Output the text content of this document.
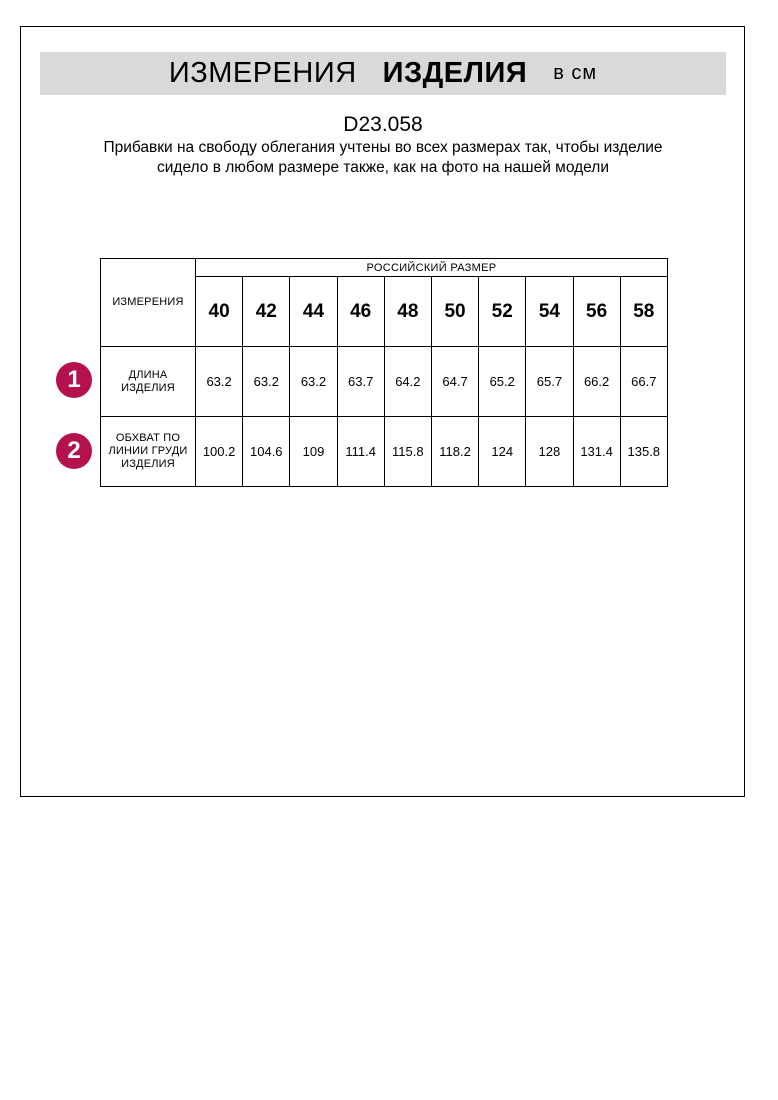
ИЗМЕРЕНИЯ ИЗДЕЛИЯ в см
D23.058
Прибавки на свободу облегания учтены во всех размерах так, чтобы изделие сидело в любом размере также, как на фото на нашей модели
ИЗМЕРЕНИЯ	РОССИЙСКИЙ РАЗМЕР									
	40	42	44	46	48	50	52	54	56	58
ДЛИНА ИЗДЕЛИЯ	63.2	63.2	63.2	63.7	64.2	64.7	65.2	65.7	66.2	66.7
ОБХВАТ ПО ЛИНИИ ГРУДИ ИЗДЕЛИЯ	100.2	104.6	109	111.4	115.8	118.2	124	128	131.4	135.8
1
2
